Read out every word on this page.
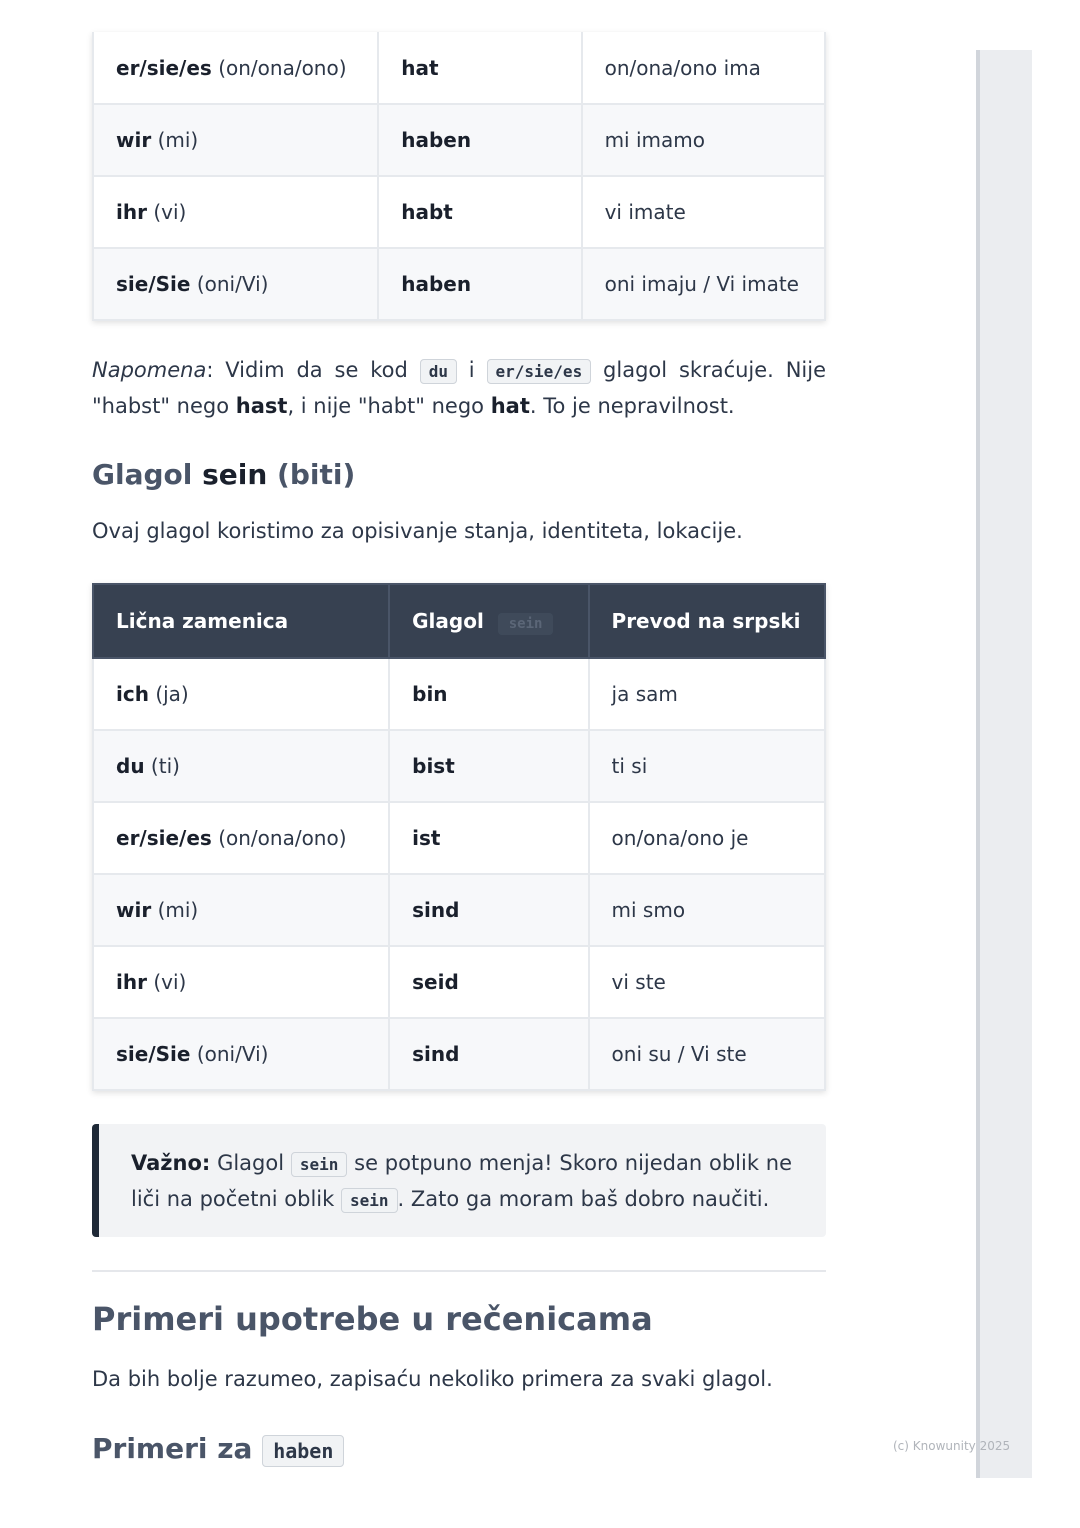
er/sie/es (on/ona/ono)	hat	on/ona/ono ima
wir (mi)	haben	mi imamo
ihr (vi)	habt	vi imate
sie/Sie (oni/Vi)	haben	oni imaju / Vi imate

Napomena: Vidim da se kod du i er/sie/es glagol skraćuje. Nije "habst" nego hast, i nije "habt" nego hat. To je nepravilnost.

Glagol sein (biti)

Ovaj glagol koristimo za opisivanje stanja, identiteta, lokacije.

Lična zamenica	Glagol sein	Prevod na srpski
ich (ja)	bin	ja sam
du (ti)	bist	ti si
er/sie/es (on/ona/ono)	ist	on/ona/ono je
wir (mi)	sind	mi smo
ihr (vi)	seid	vi ste
sie/Sie (oni/Vi)	sind	oni su / Vi ste

Važno: Glagol sein se potpuno menja! Skoro nijedan oblik ne liči na početni oblik sein . Zato ga moram baš dobro naučiti.

Primeri upotrebe u rečenicama

Da bih bolje razumeo, zapisaću nekoliko primera za svaki glagol.

Primeri za haben	(c) Knowunity 2025
